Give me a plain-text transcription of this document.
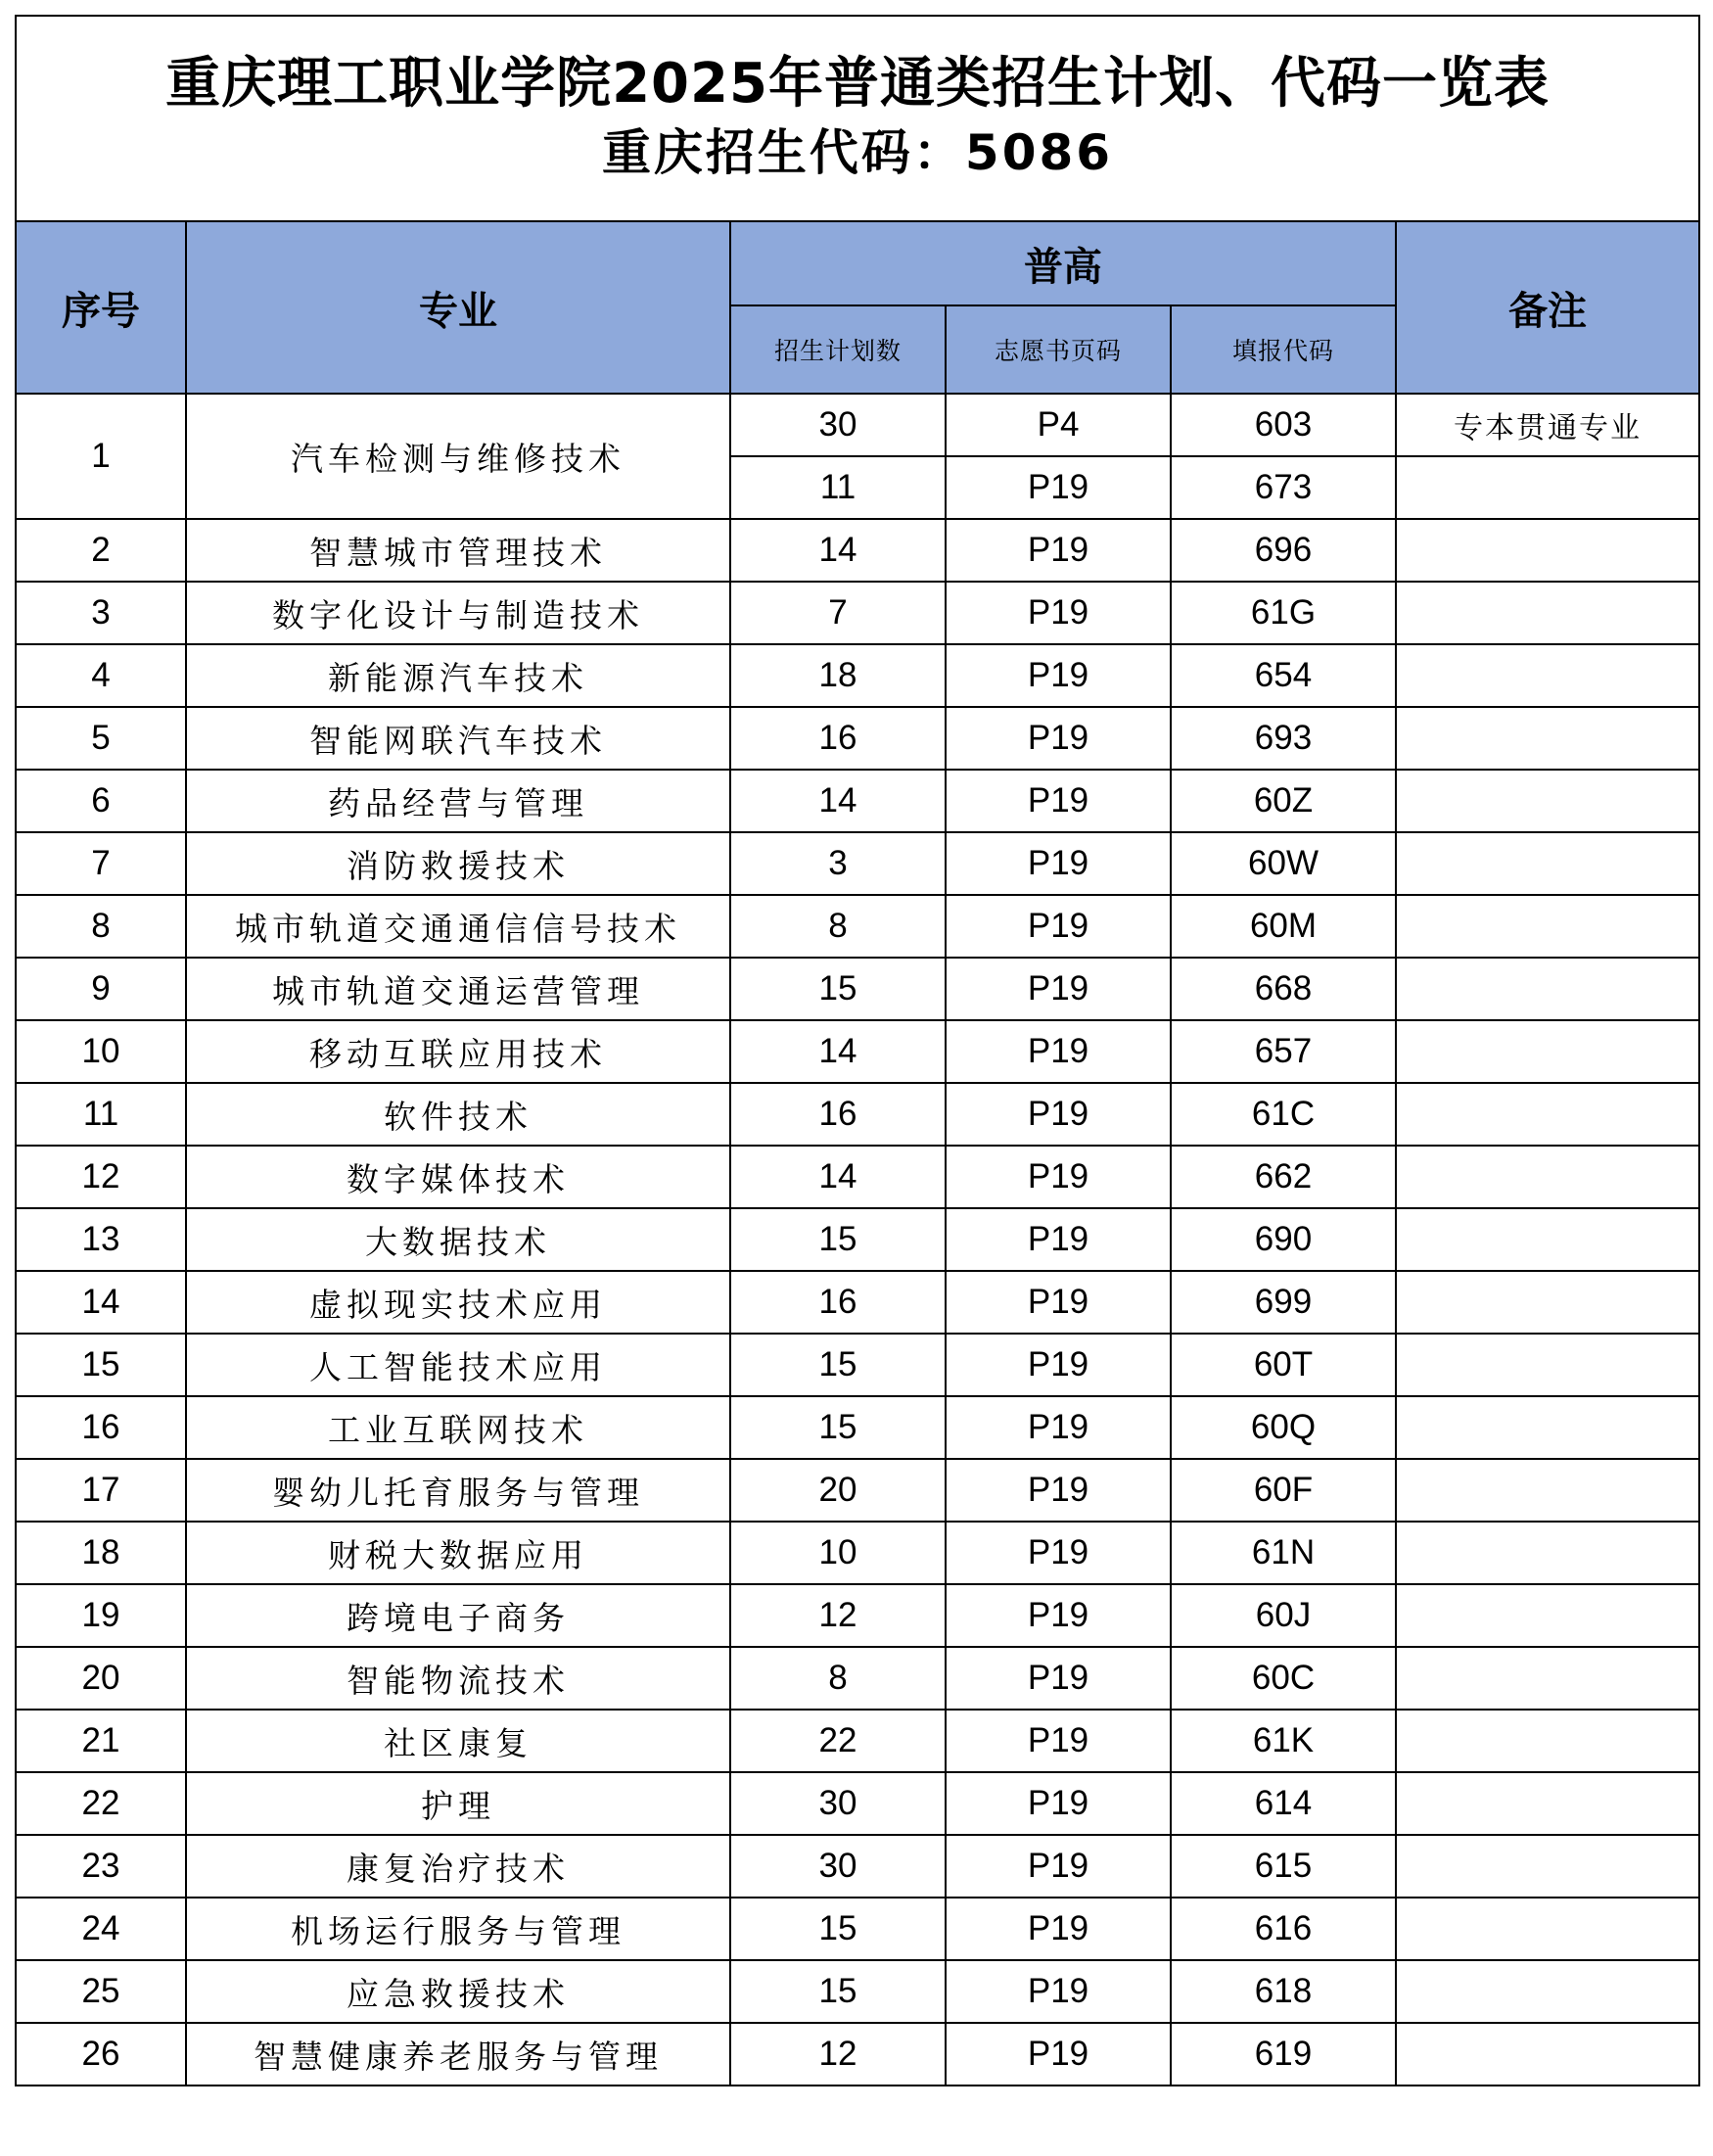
重庆理工职业学院2025年普通类招生计划、代码一览表
重庆招生代码：5086					

序号	专业	普高			备注
		招生计划数	志愿书页码	填报代码	
1	汽车检测与维修技术	30	P4	603	专本贯通专业
		11	P19	673	
2	智慧城市管理技术	14	P19	696	
3	数字化设计与制造技术	7	P19	61G	
4	新能源汽车技术	18	P19	654	
5	智能网联汽车技术	16	P19	693	
6	药品经营与管理	14	P19	60Z	
7	消防救援技术	3	P19	60W	
8	城市轨道交通通信信号技术	8	P19	60M	
9	城市轨道交通运营管理	15	P19	668	
10	移动互联应用技术	14	P19	657	
11	软件技术	16	P19	61C	
12	数字媒体技术	14	P19	662	
13	大数据技术	15	P19	690	
14	虚拟现实技术应用	16	P19	699	
15	人工智能技术应用	15	P19	60T	
16	工业互联网技术	15	P19	60Q	
17	婴幼儿托育服务与管理	20	P19	60F	
18	财税大数据应用	10	P19	61N	
19	跨境电子商务	12	P19	60J	
20	智能物流技术	8	P19	60C	
21	社区康复	22	P19	61K	
22	护理	30	P19	614	
23	康复治疗技术	30	P19	615	
24	机场运行服务与管理	15	P19	616	
25	应急救援技术	15	P19	618	
26	智慧健康养老服务与管理	12	P19	619	
